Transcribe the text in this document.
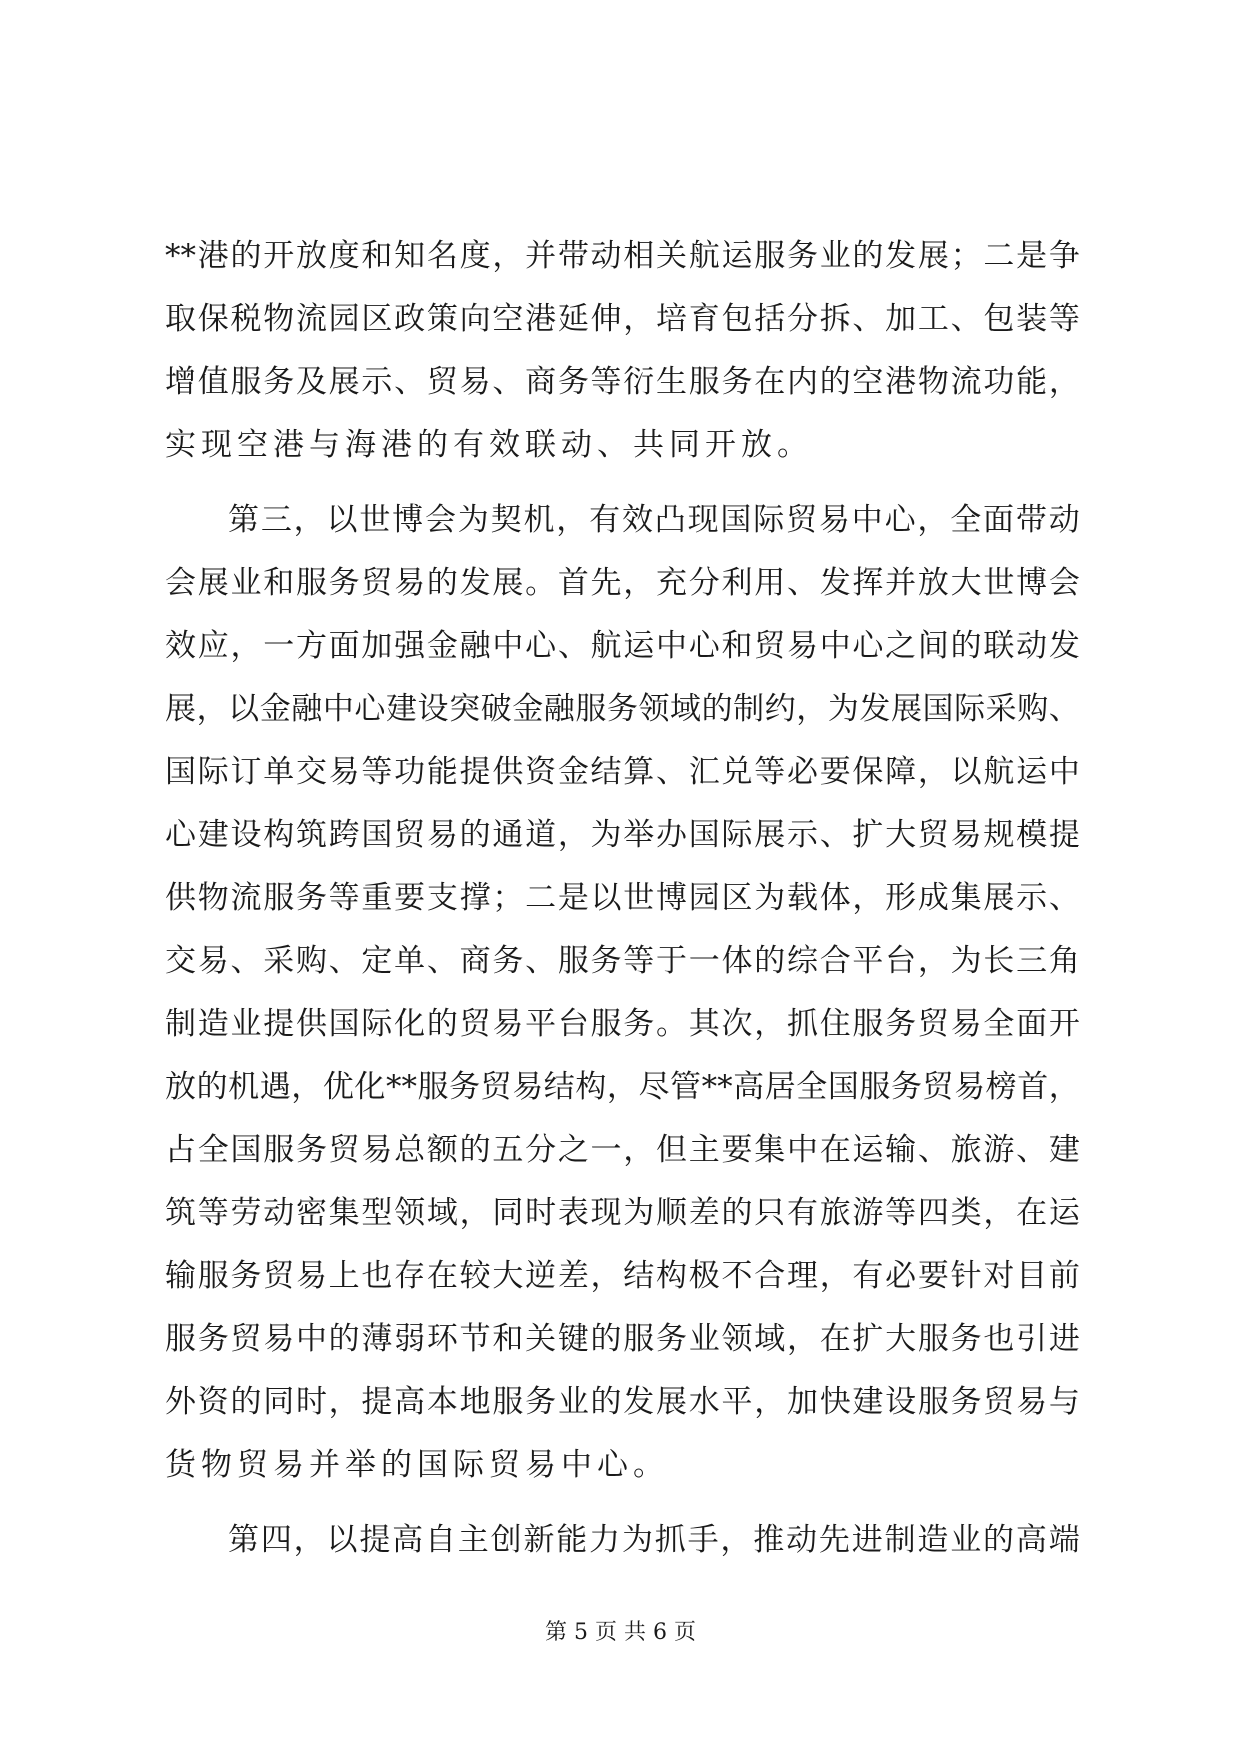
** 港 的 开 放 度 和 知 名 度 ， 并 带 动 相 关 航 运 服 务 业 的 发 展 ； 二 是 争
取 保 税 物 流 园 区 政 策 向 空 港 延 伸 ， 培 育 包 括 分 拆 、 加 工 、 包 装 等
增 值 服 务 及 展 示 、 贸 易 、 商 务 等 衍 生 服 务 在 内 的 空 港 物 流 功 能 ，
实现空港与海港的有效联动、共同开放。
第 三 ， 以 世 博 会 为 契 机 ， 有 效 凸 现 国 际 贸 易 中 心 ， 全 面 带 动
会 展 业 和 服 务 贸 易 的 发 展 。 首 先 ， 充 分 利 用 、 发 挥 并 放 大 世 博 会
效 应 ， 一 方 面 加 强 金 融 中 心 、 航 运 中 心 和 贸 易 中 心 之 间 的 联 动 发
展 ， 以 金 融 中 心 建 设 突 破 金 融 服 务 领 域 的 制 约 ， 为 发 展 国 际 采 购 、
国 际 订 单 交 易 等 功 能 提 供 资 金 结 算 、 汇 兑 等 必 要 保 障 ， 以 航 运 中
心 建 设 构 筑 跨 国 贸 易 的 通 道 ， 为 举 办 国 际 展 示 、 扩 大 贸 易 规 模 提
供 物 流 服 务 等 重 要 支 撑 ； 二 是 以 世 博 园 区 为 载 体 ， 形 成 集 展 示 、
交 易 、 采 购 、 定 单 、 商 务 、 服 务 等 于 一 体 的 综 合 平 台 ， 为 长 三 角
制 造 业 提 供 国 际 化 的 贸 易 平 台 服 务 。 其 次 ， 抓 住 服 务 贸 易 全 面 开
放 的 机 遇 ， 优 化 ** 服 务 贸 易 结 构 ， 尽 管 ** 高 居 全 国 服 务 贸 易 榜 首 ，
占 全 国 服 务 贸 易 总 额 的 五 分 之 一 ， 但 主 要 集 中 在 运 输 、 旅 游 、 建
筑 等 劳 动 密 集 型 领 域 ， 同 时 表 现 为 顺 差 的 只 有 旅 游 等 四 类 ， 在 运
输 服 务 贸 易 上 也 存 在 较 大 逆 差 ， 结 构 极 不 合 理 ， 有 必 要 针 对 目 前
服 务 贸 易 中 的 薄 弱 环 节 和 关 键 的 服 务 业 领 域 ， 在 扩 大 服 务 也 引 进
外 资 的 同 时 ， 提 高 本 地 服 务 业 的 发 展 水 平 ， 加 快 建 设 服 务 贸 易 与
货物贸易并举的国际贸易中心。
第 四 ， 以 提 高 自 主 创 新 能 力 为 抓 手 ， 推 动 先 进 制 造 业 的 高 端
第 5 页 共 6 页
